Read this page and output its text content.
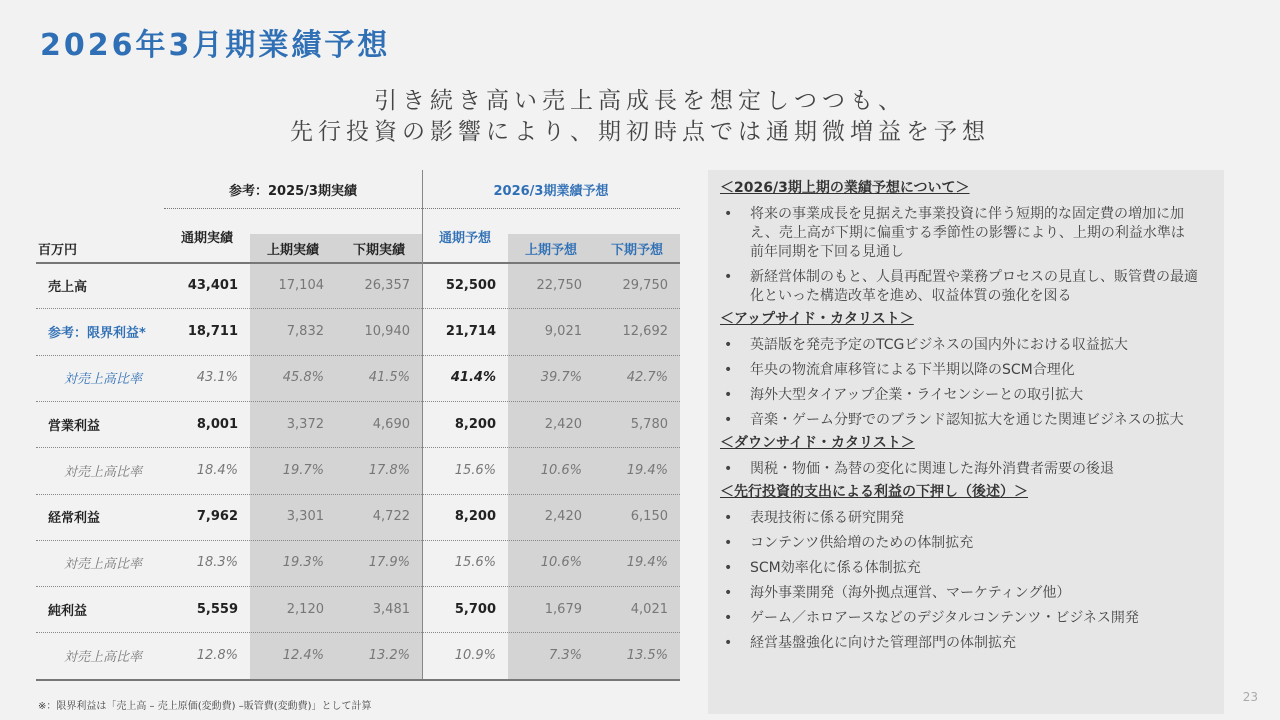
2026年3月期業績予想
引き続き高い売上高成長を想定しつつも、
先行投資の影響により、期初時点では通期微増益を予想
参考：2025/3期実績	2026/3期業績予想
百万円
通期実績
上期実績	下期実績
通期予想
上期予想	下期予想
売上高	43,401	17,104	26,357	52,500	22,750	29,750
参考：限界利益*	18,711	7,832	10,940	21,714	9,021	12,692
対売上高比率	43.1%	45.8%	41.5%	41.4%	39.7%	42.7%
営業利益	8,001	3,372	4,690	8,200	2,420	5,780
対売上高比率	18.4%	19.7%	17.8%	15.6%	10.6%	19.4%
経常利益	7,962	3,301	4,722	8,200	2,420	6,150
対売上高比率	18.3%	19.3%	17.9%	15.6%	10.6%	19.4%
純利益	5,559	2,120	3,481	5,700	1,679	4,021
対売上高比率	12.8%	12.4%	13.2%	10.9%	7.3%	13.5%
※：限界利益は「売上高 – 売上原価(変動費) –販管費(変動費)」として計算
23
＜2026/3期上期の業績予想について＞
• 将来の事業成長を見据えた事業投資に伴う短期的な固定費の増加に加え、売上高が下期に偏重する季節性の影響により、上期の利益水準は前年同期を下回る見通し
• 新経営体制のもと、人員再配置や業務プロセスの見直し、販管費の最適化といった構造改革を進め、収益体質の強化を図る
＜アップサイド・カタリスト＞
• 英語版を発売予定のTCGビジネスの国内外における収益拡大
• 年央の物流倉庫移管による下半期以降のSCM合理化
• 海外大型タイアップ企業・ライセンシーとの取引拡大
• 音楽・ゲーム分野でのブランド認知拡大を通じた関連ビジネスの拡大
＜ダウンサイド・カタリスト＞
• 関税・物価・為替の変化に関連した海外消費者需要の後退
＜先行投資的支出による利益の下押し（後述）＞
• 表現技術に係る研究開発
• コンテンツ供給増のための体制拡充
• SCM効率化に係る体制拡充
• 海外事業開発（海外拠点運営、マーケティング他）
• ゲーム／ホロアースなどのデジタルコンテンツ・ビジネス開発
• 経営基盤強化に向けた管理部門の体制拡充
